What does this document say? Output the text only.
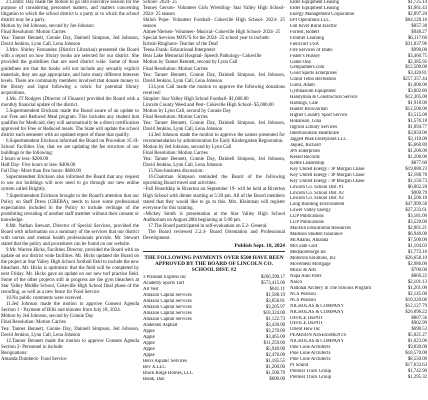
2.Comm: Day made the motion to go into executive session for the purpose of considering personnel matters, and matters concerning litigation to which the school district is a party or to which the school district may be a party.

Motion by Jed Johnson, second by Joe Johnson

Final Resolution: Motion Carries

Yea: Tanner Bennett, Connie Day, Daimell Simpson, Jed Johnson, David Jenkins, Lynn Call, Lena Johnson

3.Mrs. Shirley Fernandez (District Librarian) presented the Board with a report on how library books are selected for our district. She provided the guidelines that are used district wide. Some of those guidelines are that the books will not include any sexually explicit materials, they are age appropriate, and have many different interests levels. There are community members involved that donate money to the library and input following a rubric for potential library acquisitions.

4.Ms. JT Rodgers (Director of Finance) provided the Board with a monthly financial update of the district.

5.Superintendent Erickson made the Board aware of an update to our Free and Reduced Meal program. This includes any student that qualifies for Medicaid, they will automatically be a direct certification approved for Free or Reduced meals. The State will update the school district each semester with an updated report of those that qualify.

6.Superintendent Erickson informed the Board on Procedure 1C-II- School Facilities Use, that we are updating the fee structure of our buildings to the following:

2 hours or less- $200.00

Half Day- Five hours or less- $400.00

Full Day- More than five hours- $600.00

Superintendent Erickson also informed the Board that any request to use our buildings will now need to go through our new online system called Brightly.

7.Superintendent Erickson brought to the Board's attention that our Policy on Staff Dress (GBEBA), needs to have some professional expectations included in the Policy to include verbiage of the prohibiting revealing of another staff member without their consent or knowledge.

8.Mr. Nathan Stewart, Director of Special Services, provided the Board with information on a summary of the services that our district with nurses and mental health professionals provide. Mr. Stewart stated that the policy and procedures can be found on our website.

9.Mr. Warren Hicks, Facilities Director, provided the Board with an update on our district wide facilities. Mr. Hicks updated the Board on the project at Star Valley High School football field to include the new bleachers. Mr. Hicks is optimistic that the field will be completed by next Friday. Mr. Hicks gave an update on our new turf practice field. Some of the other projects still in progress are the gym bleachers at Star Valley Middle School, Cokeville High School final phase of the reroofing, as well as a new fence for Food Service.

10.No public comments were received.

11.Jed Johnson made the motion to approve Consent Agenda Section 1 - Payment of Bills and minutes from July 18, 2024.

Motion by Jed Johnson, second by Connie Day

Final Resolution: Motion Carries

Yea: Tanner Bennett, Connie Day, Daimell Simpson, Jed Johnson, David Jenkins, Lynn Call, Lena Johnson

12.Tanner Bennett made the motion to approve Consent Agenda Section 2- Personnel to include:

Resignations:

Amanda Dumbeck- Food Service

School- 2024- 25

Tenney Gerson- Volunteer Girls Wrestling- Star Valley High School- 2024- 25 season

Shiloh Pope- Volunteer Football- Cokeville High School- 2024- 25 season

Aimee Nielsen- Volunteer- Musical- Cokeville High School- 2024- 25

Special Services MOU'S for the 2024- 25 school year to include:

Kristin Ringhave- Teacher of the Deaf

Teena Frank- Educational Interpreter

Bear Lake Memorial Hospital- Speech Pathology- Cokeville

Motion by Tanner Bennett, second by Lynn Call

Final Resolution: Motion Carries

Yea: Tanner Bennett, Connie Day, Daimell Simpson, Jed Johnson, David Jenkins, Lynn Call, Lena Johnson

13.Lynn Call made the motion to approve the following donations received:

Simplot- Star Valley High School Football- $1,000.00

Lincoln County Weed and Pest- Cokeville High School- $5,000.00

Motion by Lynn Call, second by Connie Day

Final Resolution: Motion Carries

Yea: Tanner Bennett, Connie Day, Daimell Simpson, Jed Johnson, David Jenkins, Lynn Call, Lena Johnson

14.Jed Johnson made the motion to approve the names presented for recommendation by administration for Early Kindergarten Registration.

Motion by Jed Johnson, second by Lynn Call

Final Resolution: Motion Carries

Yea: Tanner Bennett, Connie Day, Daimell Simpson, Jed Johnson, David Jenkins, Lynn Call, Lena Johnson

15.Non-business discussion:

16.Chairman Simpson reminded the Board of the following upcoming Board travel and activities:

~Fall Boardship in Riverton on September 19- will be held at Riverton High School with dinner starting at 5:30 pm. All of the Board members stated that they would like to go to this. Mrs. Kleinman will register everyone for this training.

~Mickey Smith is presentation at the Star Valley High School Auditorium on August 28th beginning at 5:00 pm.

17.The Board participated in self-evaluation on 5.2- General.

The Board reviewed 2.2.4- Board Orientation and Professional Development.

Publish Sept. 18, 2024
THE FOLLOWING PAYMENTS OVER $500 HAVE BEEN APPROVED BY THE BOARD OF LINCOLN CO. SCHOOL DIST. #2
3 Pleasant Express Inc	$266,390.17
Academy Sports Turf	$573,415.00
All Vest	$641.11
Amazon Capital Services	$1,588.19
Amazon Capital Services	$3,858.81
Amazon Capital Services	$3,205.97
Amazon Capital Services	$18,324.00
Amazon Capital Services	$1,122.73
Andersen Asphalt	$3,430.00
Apple	$3,270.00
Apple	$3,465.00
Apple	$11,259.00
Apple	$5,940.00
Apple	$2,470.00
Ben's Aquatic Services	$1,185.55
Bev X.LLC	$1,200.00
Black Ridge Homes, LLC	$1,500.79
Bleak, Dan	$600.00
Elder Equipment Leasing	$1,725.14
Elder Equipment Leasing	$1,061.43
Energy Management Corporation	$2,897.20
EPI Operations LLC	$64,128.16
Fall River Rural Electric	$857.38
Forrest, Robert	$948.27
Frontier Learning	$6,117.60
FieldTurf USA	$31,837.96
Fire Services of Idaho	$990.00
Fisher's Hussey	$3,460.75
Game One	$2,385.92
Gempartners.com	$12,500.00
Good Sports Enterprises	$3,420.81
Grand Teton Recreation	$257,357.44
Guild, Adam	$1,000.00
Gymnasium Equipment	$3,002.80
Handyman & Construction Service	$12,305.00
Hastings, Cale	$1,918.00
Hunter Bros/Jordan	$12,500.00
Higher Country Sport Service	$3,515.00
Hokanson, Gina	$1,576.18
Ingrum Library Services	$1,094.77
Intermountain Healthcare	$3,850.00
Jagged Peak Enterprises LLC	$3,110.00
Jaquez, Richard	$5,660.80
JPS Enterprises	$1,200.00
Kessel Records	$1,200.00
Kettle Leadership	$877.60
Key United Energy / JP Morgan Chase	$19,880.23
Key United Energy / JP Morgan Chase	$2,188.78
Key United Energy / JP Morgan Chase	$1,150.73
Lincoln Co. School Dist. #1	$6,862.20
Lincoln Co. School Dist. #2	$900.79
Lincoln Co. School Dist. #2	$1,506.10
Long Building Environment	$47,999.50
Lower Valley Energy	$27,233.61
LUP Publications	$3,181.00
LUP Publications	$3,520.00
Macklin Educational Resources	$2,061.21
Madison Student Insurance	$6,940.00
McAdams, Amanda	$7,500.00
McGrath Golf	$1,104.03
Mediaoreborge Inc	$1,772.16
Motorola Solutions, Inc	$26,658.10
Movement Mortgage	$2,986.00
Music & Arts	$700.00
Napa Auto Parts	$866.22
Nasco	$2,101.13
National Archery In The Schools Program	$1,261.00
NCS Pearson	$2,145.00
NCS Pearson	$10,320.00
NICHOLAS & COMPANY	$12,127.79
NICHOLAS & COMPANY	$26,096.22
OFFICE DEPOT	$807.56
OFFICE DEPOT	$902.99
Orient How Inc	$690.53
PEARSON ASSESSMENTS	$5,821.27
NICHOLAS & COMPANY	$1,023.06
Pine Cone Architects	$9,830.00
Pine Cone Architects	$18,570.00
Pine Cone Architects	$8,550.00
PJ Sound	$17,633.63
Premier Truck Group	$1,742.96
Premier Truck Group	$1,295.32
